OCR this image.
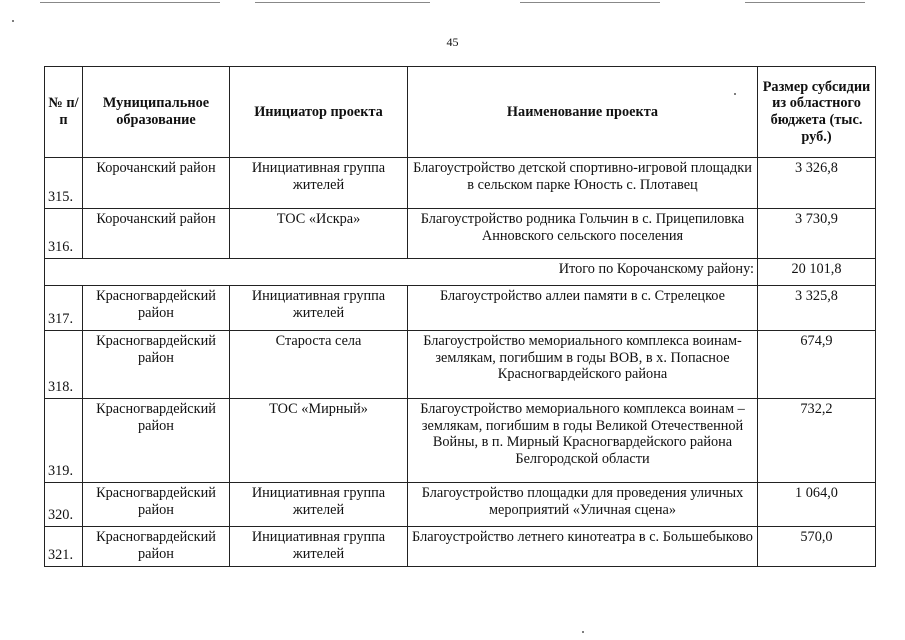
45
№ п/п	Муниципальное образование	Инициатор проекта	Наименование проекта	Размер субсидии из областного бюджета (тыс. руб.)
315.	Корочанский район	Инициативная группа жителей	Благоустройство детской спортивно-игровой площадки в сельском парке Юность с. Плотавец	3 326,8
316.	Корочанский район	ТОС «Искра»	Благоустройство родника Гольчин в с. Прицепиловка Анновского сельского поселения	3 730,9
Итого по Корочанскому району:				20 101,8
317.	Красногвардейский район	Инициативная группа жителей	Благоустройство аллеи памяти в с. Стрелецкое	3 325,8
318.	Красногвардейский район	Староста села	Благоустройство мемориального комплекса воинам-землякам, погибшим в годы ВОВ, в х. Попасное Красногвардейского района	674,9
319.	Красногвардейский район	ТОС «Мирный»	Благоустройство мемориального комплекса воинам – землякам, погибшим в годы Великой Отечественной Войны, в п. Мирный Красногвардейского района Белгородской области	732,2
320.	Красногвардейский район	Инициативная группа жителей	Благоустройство площадки для проведения уличных мероприятий «Уличная сцена»	1 064,0
321.	Красногвардейский район	Инициативная группа жителей	Благоустройство летнего кинотеатра в с. Большебыково	570,0
